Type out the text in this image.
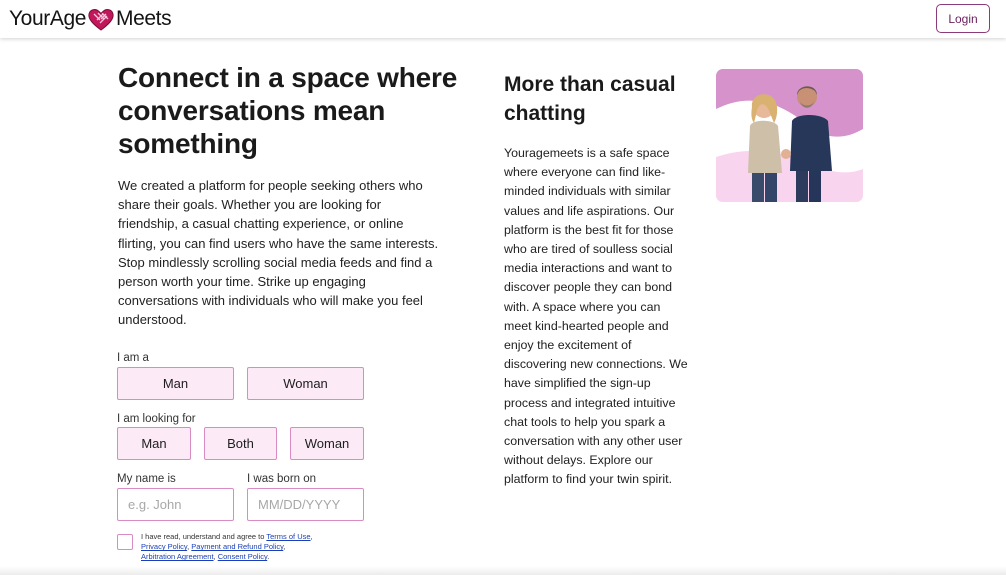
YourAge Meets	Login
Connect in a space where conversations mean something

We created a platform for people seeking others who share their goals. Whether you are looking for friendship, a casual chatting experience, or online flirting, you can find users who have the same interests. Stop mindlessly scrolling social media feeds and find a person worth your time. Strike up engaging conversations with individuals who will make you feel understood.

I am a
Man	Woman
I am looking for
Man	Both	Woman
My name is	I was born on
e.g. John
MM/DD/YYYY
I have read, understand and agree to Terms of Use,
Privacy Policy, Payment and Refund Policy,
Arbitration Agreement, Consent Policy.
More than casual chatting

Youragemeets is a safe space where everyone can find like-minded individuals with similar values and life aspirations. Our platform is the best fit for those who are tired of soulless social media interactions and want to discover people they can bond with. A space where you can meet kind-hearted people and enjoy the excitement of discovering new connections. We have simplified the sign-up process and integrated intuitive chat tools to help you spark a conversation with any other user without delays. Explore our platform to find your twin spirit.
